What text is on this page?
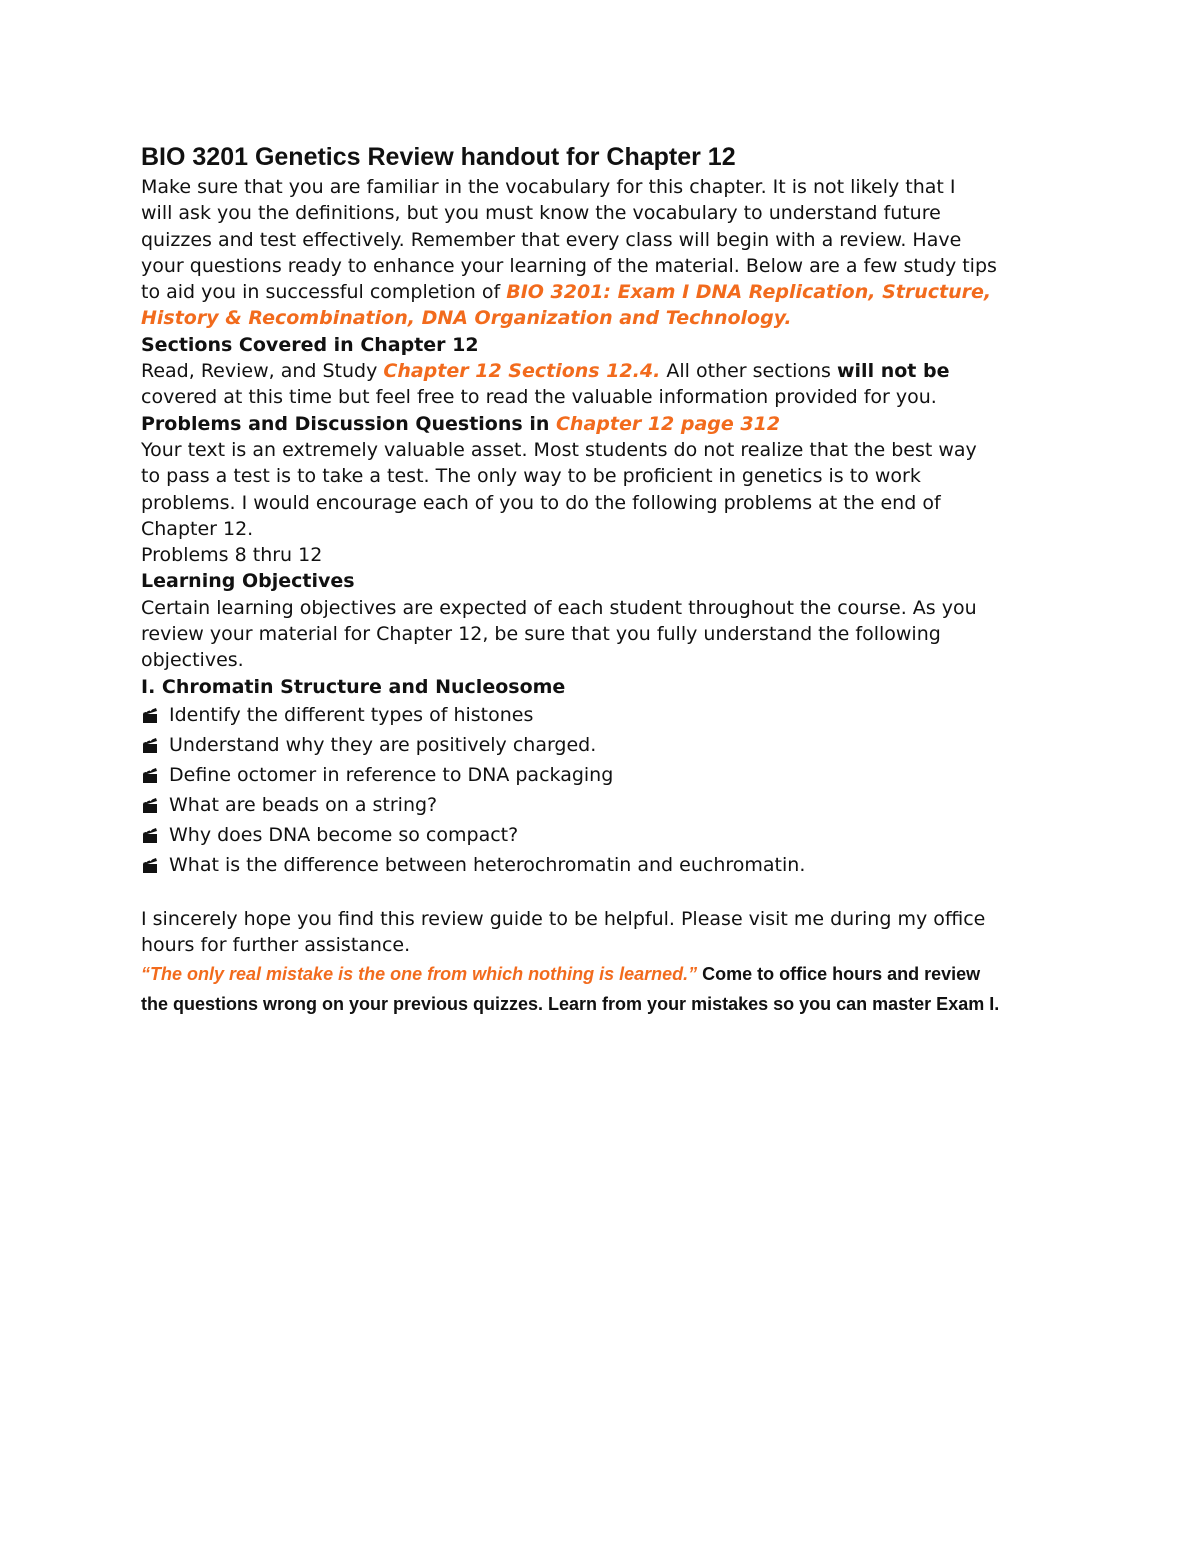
BIO 3201 Genetics Review handout for Chapter 12

Make sure that you are familiar in the vocabulary for this chapter. It is not likely that I
will ask you the definitions, but you must know the vocabulary to understand future
quizzes and test effectively. Remember that every class will begin with a review. Have
your questions ready to enhance your learning of the material. Below are a few study tips
to aid you in successful completion of BIO 3201: Exam I DNA Replication, Structure,
History & Recombination, DNA Organization and Technology.

Sections Covered in Chapter 12

Read, Review, and Study Chapter 12 Sections 12.4. All other sections will not be
covered at this time but feel free to read the valuable information provided for you.

Problems and Discussion Questions in Chapter 12 page 312

Your text is an extremely valuable asset. Most students do not realize that the best way
to pass a test is to take a test. The only way to be proficient in genetics is to work
problems. I would encourage each of you to do the following problems at the end of
Chapter 12.
Problems 8 thru 12

Learning Objectives

Certain learning objectives are expected of each student throughout the course. As you
review your material for Chapter 12, be sure that you fully understand the following
objectives.

I. Chromatin Structure and Nucleosome

Identify the different types of histones
Understand why they are positively charged.
Define octomer in reference to DNA packaging
What are beads on a string?
Why does DNA become so compact?
What is the difference between heterochromatin and euchromatin.

I sincerely hope you find this review guide to be helpful. Please visit me during my office
hours for further assistance.

“The only real mistake is the one from which nothing is learned.” Come to office hours and review
the questions wrong on your previous quizzes. Learn from your mistakes so you can master Exam I.
